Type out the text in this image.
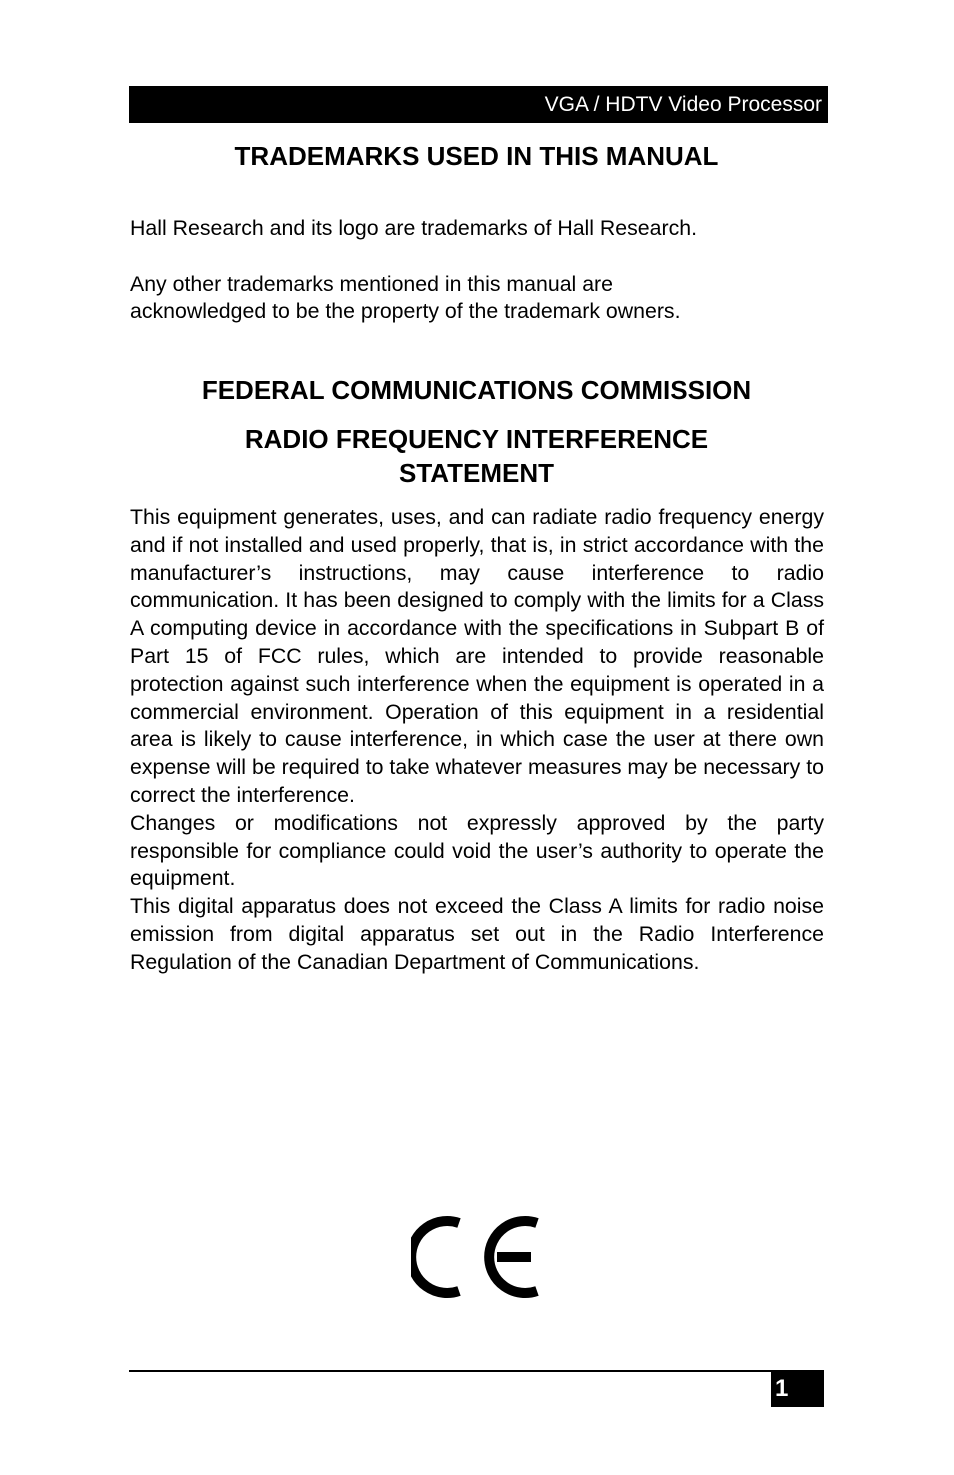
VGA / HDTV Video Processor
TRADEMARKS USED IN THIS MANUAL

Hall Research and its logo are trademarks of Hall Research.

Any other trademarks mentioned in this manual are acknowledged to be the property of the trademark owners.

FEDERAL COMMUNICATIONS COMMISSION
RADIO FREQUENCY INTERFERENCE STATEMENT

This equipment generates, uses, and can radiate radio frequency energy and if not installed and used properly, that is, in strict accordance with the manufacturer’s instructions, may cause interference to radio communication. It has been designed to comply with the limits for a Class A computing device in accordance with the specifications in Subpart B of Part 15 of FCC rules, which are intended to provide reasonable protection against such interference when the equipment is operated in a commercial environment. Operation of this equipment in a residential area is likely to cause interference, in which case the user at there own expense will be required to take whatever measures may be necessary to correct the interference.

Changes or modifications not expressly approved by the party responsible for compliance could void the user’s authority to operate the equipment.

This digital apparatus does not exceed the Class A limits for radio noise emission from digital apparatus set out in the Radio Interference Regulation of the Canadian Department of Communications.

1
